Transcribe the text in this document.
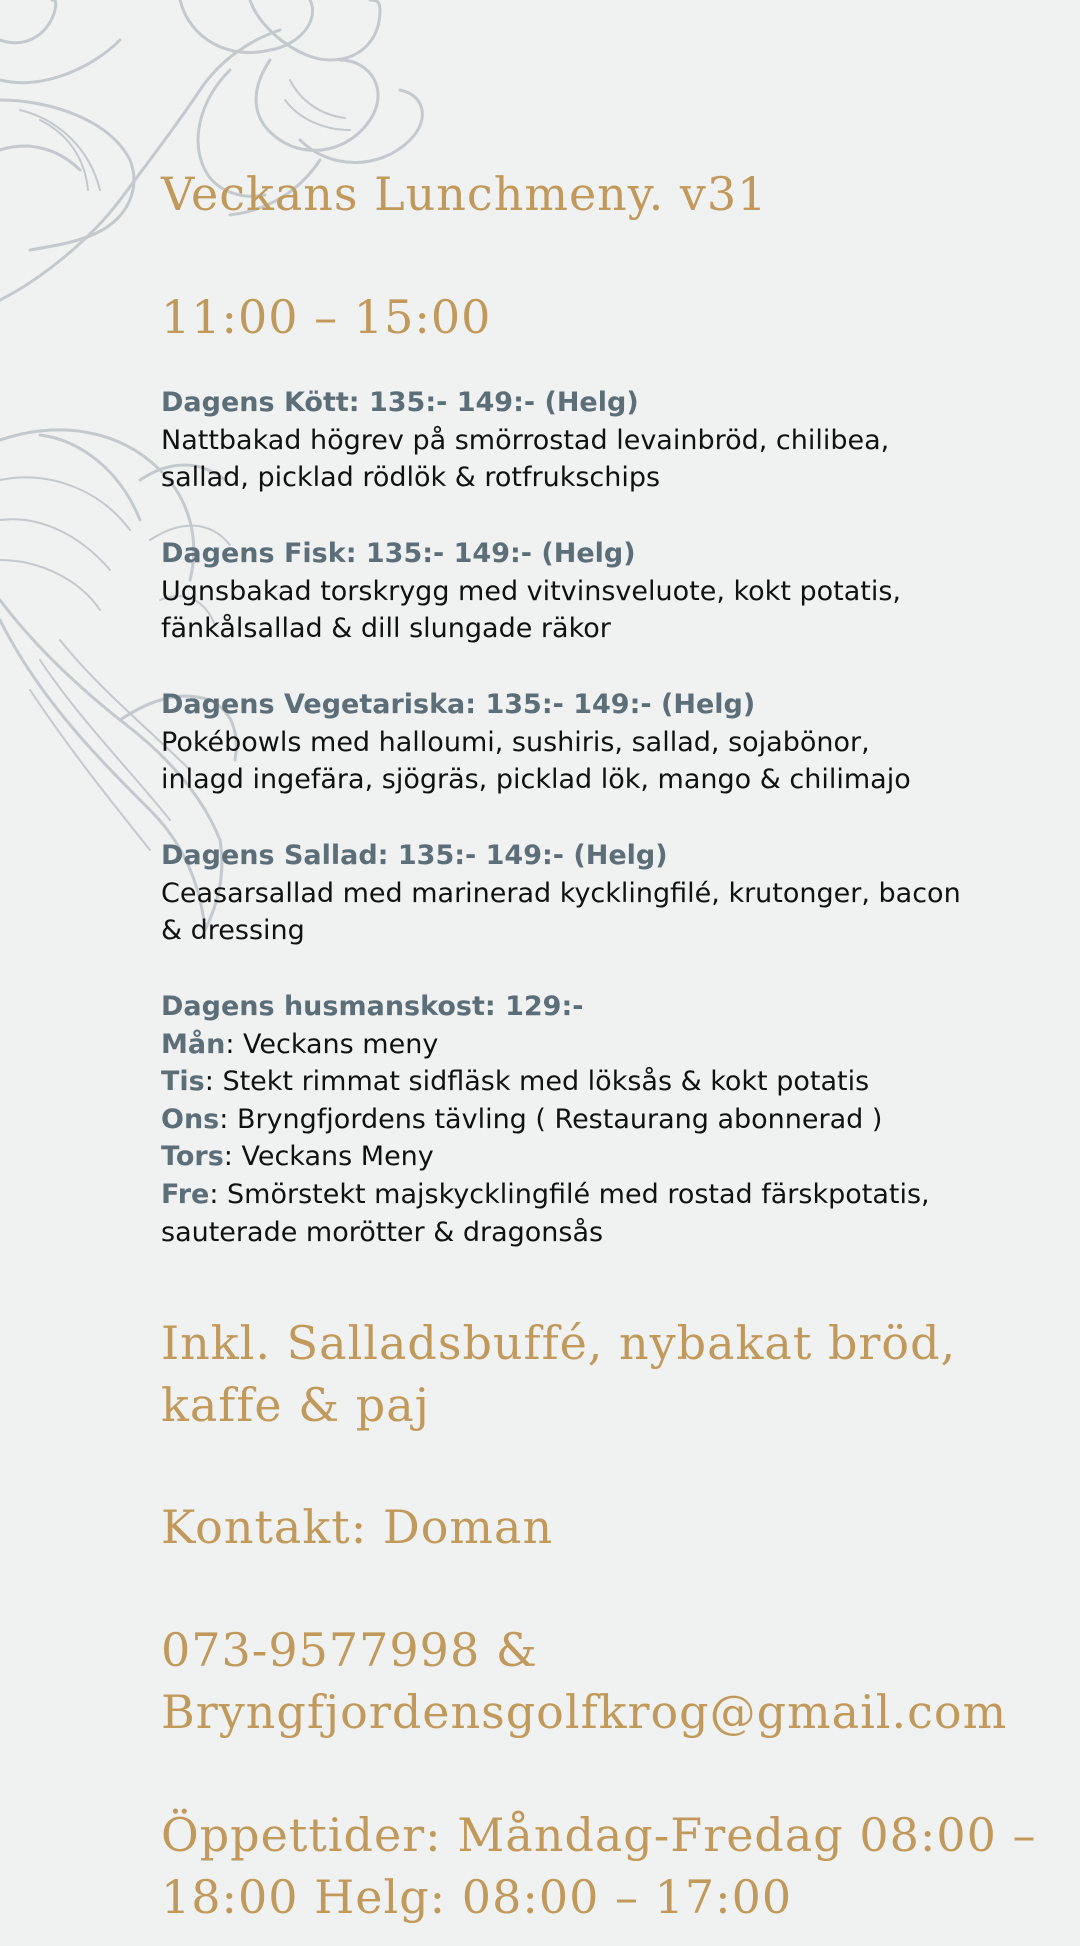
Veckans Lunchmeny. v31
11:00 – 15:00
Dagens Kött: 135:- 149:- (Helg)
Nattbakad högrev på smörrostad levainbröd, chilibea,
sallad, picklad rödlök & rotfrukschips
Dagens Fisk: 135:- 149:- (Helg)
Ugnsbakad torskrygg med vitvinsveluote, kokt potatis,
fänkålsallad & dill slungade räkor
Dagens Vegetariska: 135:- 149:- (Helg)
Pokébowls med halloumi, sushiris, sallad, sojabönor,
inlagd ingefära, sjögräs, picklad lök, mango & chilimajo
Dagens Sallad: 135:- 149:- (Helg)
Ceasarsallad med marinerad kycklingfilé, krutonger, bacon
& dressing
Dagens husmanskost: 129:-
Mån: Veckans meny
Tis: Stekt rimmat sidfläsk med löksås & kokt potatis
Ons: Bryngfjordens tävling ( Restaurang abonnerad )
Tors: Veckans Meny
Fre: Smörstekt majskycklingfilé med rostad färskpotatis,
sauterade morötter & dragonsås
Inkl. Salladsbuffé, nybakat bröd, kaffe & paj
Kontakt: Doman
073-9577998 &
Bryngfjordensgolfkrog@gmail.com
Öppettider: Måndag-Fredag 08:00 – 18:00 Helg: 08:00 – 17:00
